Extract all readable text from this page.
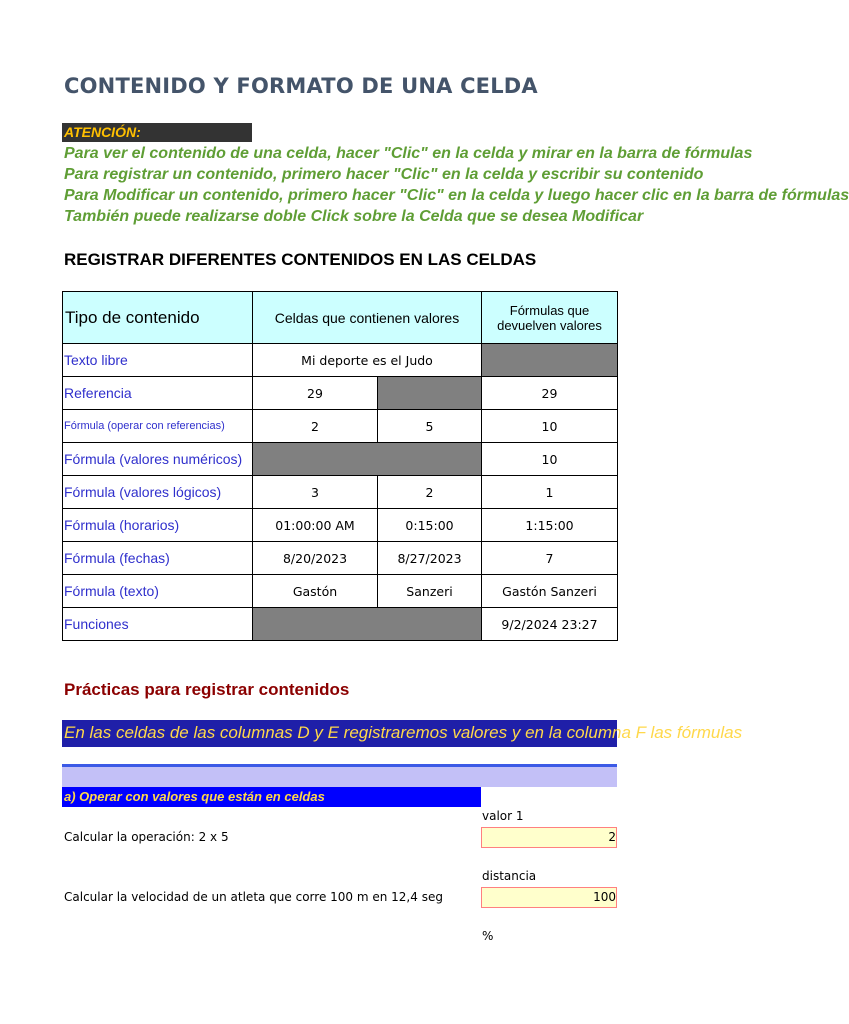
CONTENIDO Y FORMATO DE UNA CELDA
ATENCIÓN:
Para ver el contenido de una celda, hacer "Clic" en la celda y mirar en la barra de fórmulas
Para registrar un contenido, primero hacer "Clic" en la celda y escribir su contenido
Para Modificar un contenido, primero hacer "Clic" en la celda y luego hacer clic en la barra de fórmulas
También puede realizarse doble Click sobre la Celda que se desea Modificar
REGISTRAR DIFERENTES CONTENIDOS EN LAS CELDAS
Tipo de contenido	Celdas que contienen valores		Fórmulas que devuelven valores
Texto libre	Mi deporte es el Judo		
Referencia	29		29
Fórmula (operar con referencias)	2	5	10
Fórmula (valores numéricos)			10
Fórmula (valores lógicos)	3	2	1
Fórmula (horarios)	01:00:00 AM	0:15:00	1:15:00
Fórmula (fechas)	8/20/2023	8/27/2023	7
Fórmula (texto)	Gastón	Sanzeri	Gastón Sanzeri
Funciones			9/2/2024 23:27
Prácticas para registrar contenidos
En las celdas de las columnas D y E registraremos valores y en la columna F las fórmulas
a) Operar con valores que están en celdas
valor 1
Calcular la operación: 2 x 5	2
distancia
Calcular la velocidad de un atleta que corre 100 m en 12,4 seg	100
%
